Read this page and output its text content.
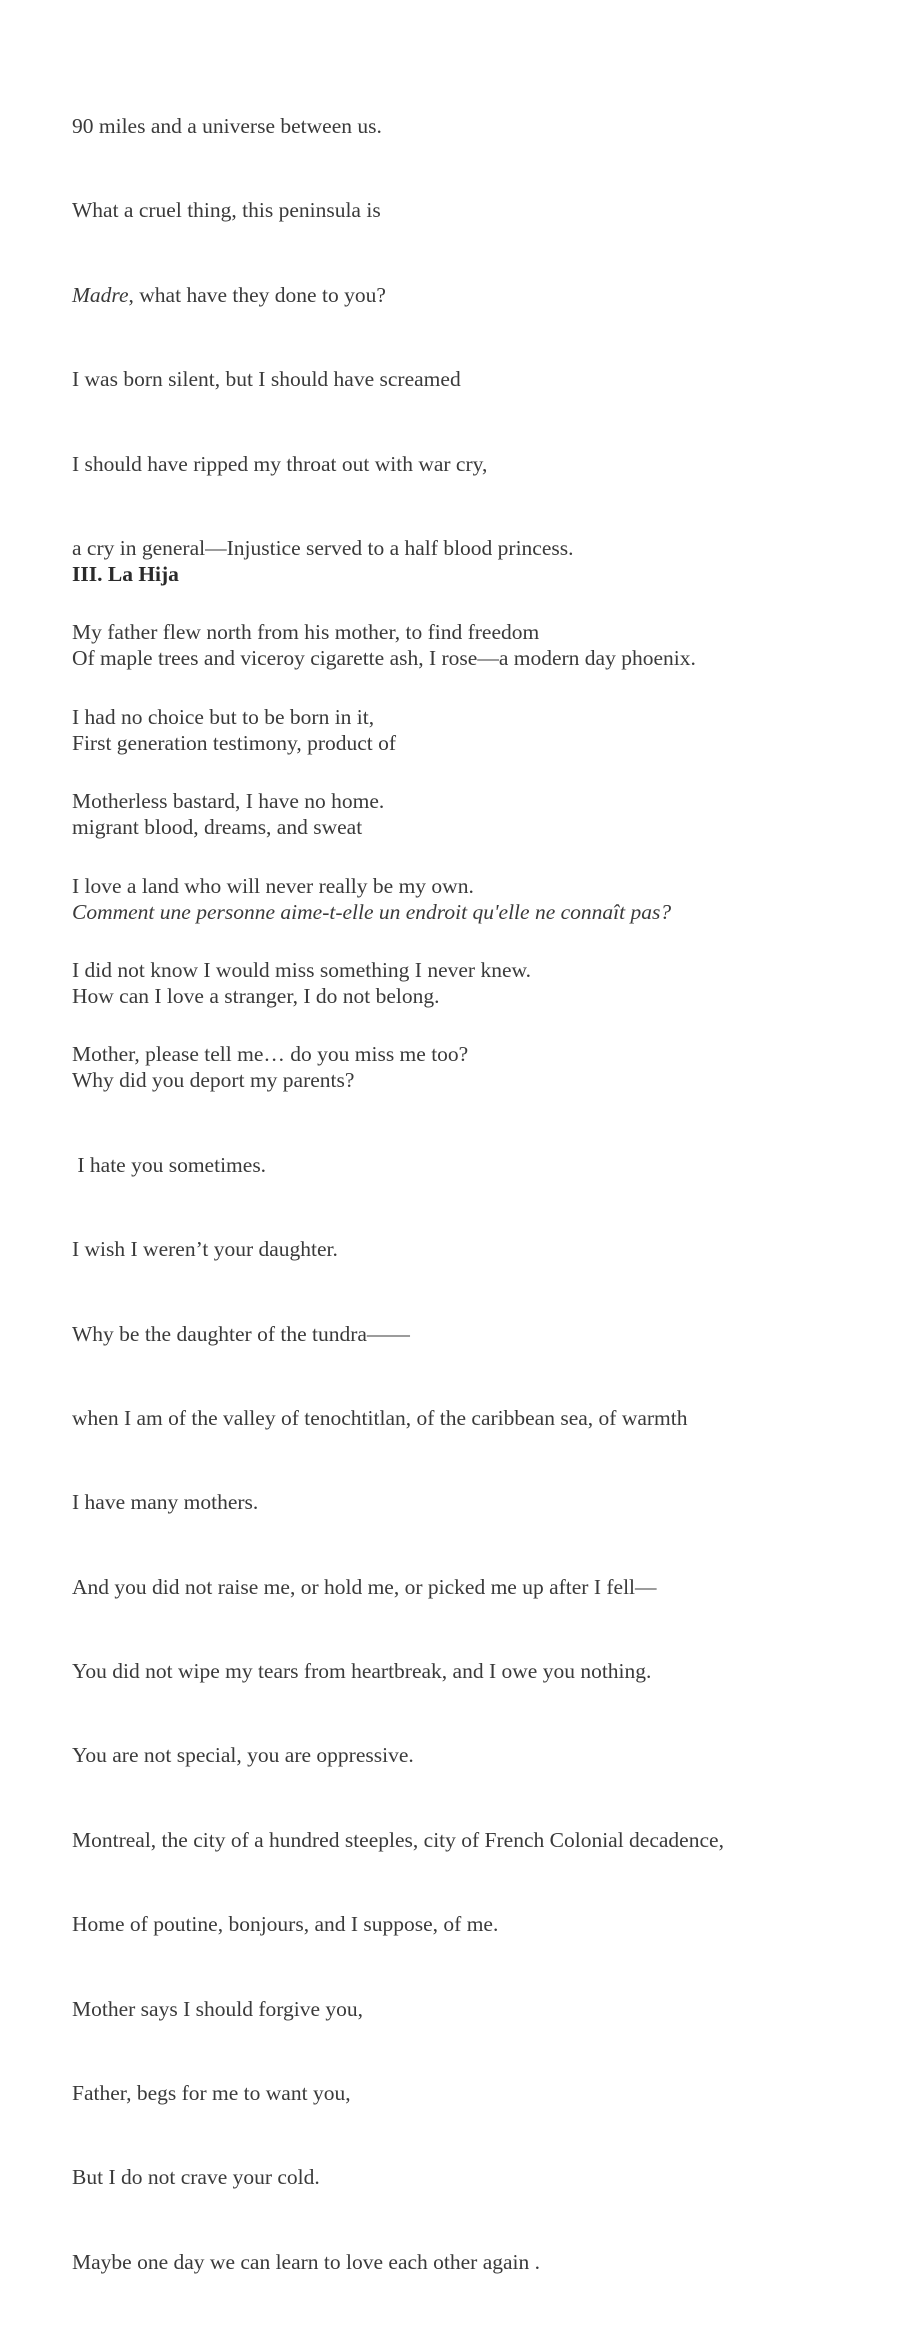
90 miles and a universe between us.

What a cruel thing, this peninsula is

Madre, what have they done to you?

I was born silent, but I should have screamed

I should have ripped my throat out with war cry,

a cry in general—Injustice served to a half blood princess.

My father flew north from his mother, to find freedom

I had no choice but to be born in it,

Motherless bastard, I have no home.

I love a land who will never really be my own.

I did not know I would miss something I never knew.

Mother, please tell me… do you miss me too?

III. La Hija

Of maple trees and viceroy cigarette ash, I rose—a modern day phoenix.

First generation testimony, product of

migrant blood, dreams, and sweat

Comment une personne aime-t-elle un endroit qu'elle ne connaît pas?

How can I love a stranger, I do not belong.

Why did you deport my parents?

I hate you sometimes.

I wish I weren’t your daughter.

Why be the daughter of the tundra——

when I am of the valley of tenochtitlan, of the caribbean sea, of warmth

I have many mothers.

And you did not raise me, or hold me, or picked me up after I fell—

You did not wipe my tears from heartbreak, and I owe you nothing.

You are not special, you are oppressive.

Montreal, the city of a hundred steeples, city of French Colonial decadence,

Home of poutine, bonjours, and I suppose, of me.

Mother says I should forgive you,

Father, begs for me to want you,

But I do not crave your cold.

Maybe one day we can learn to love each other again .
